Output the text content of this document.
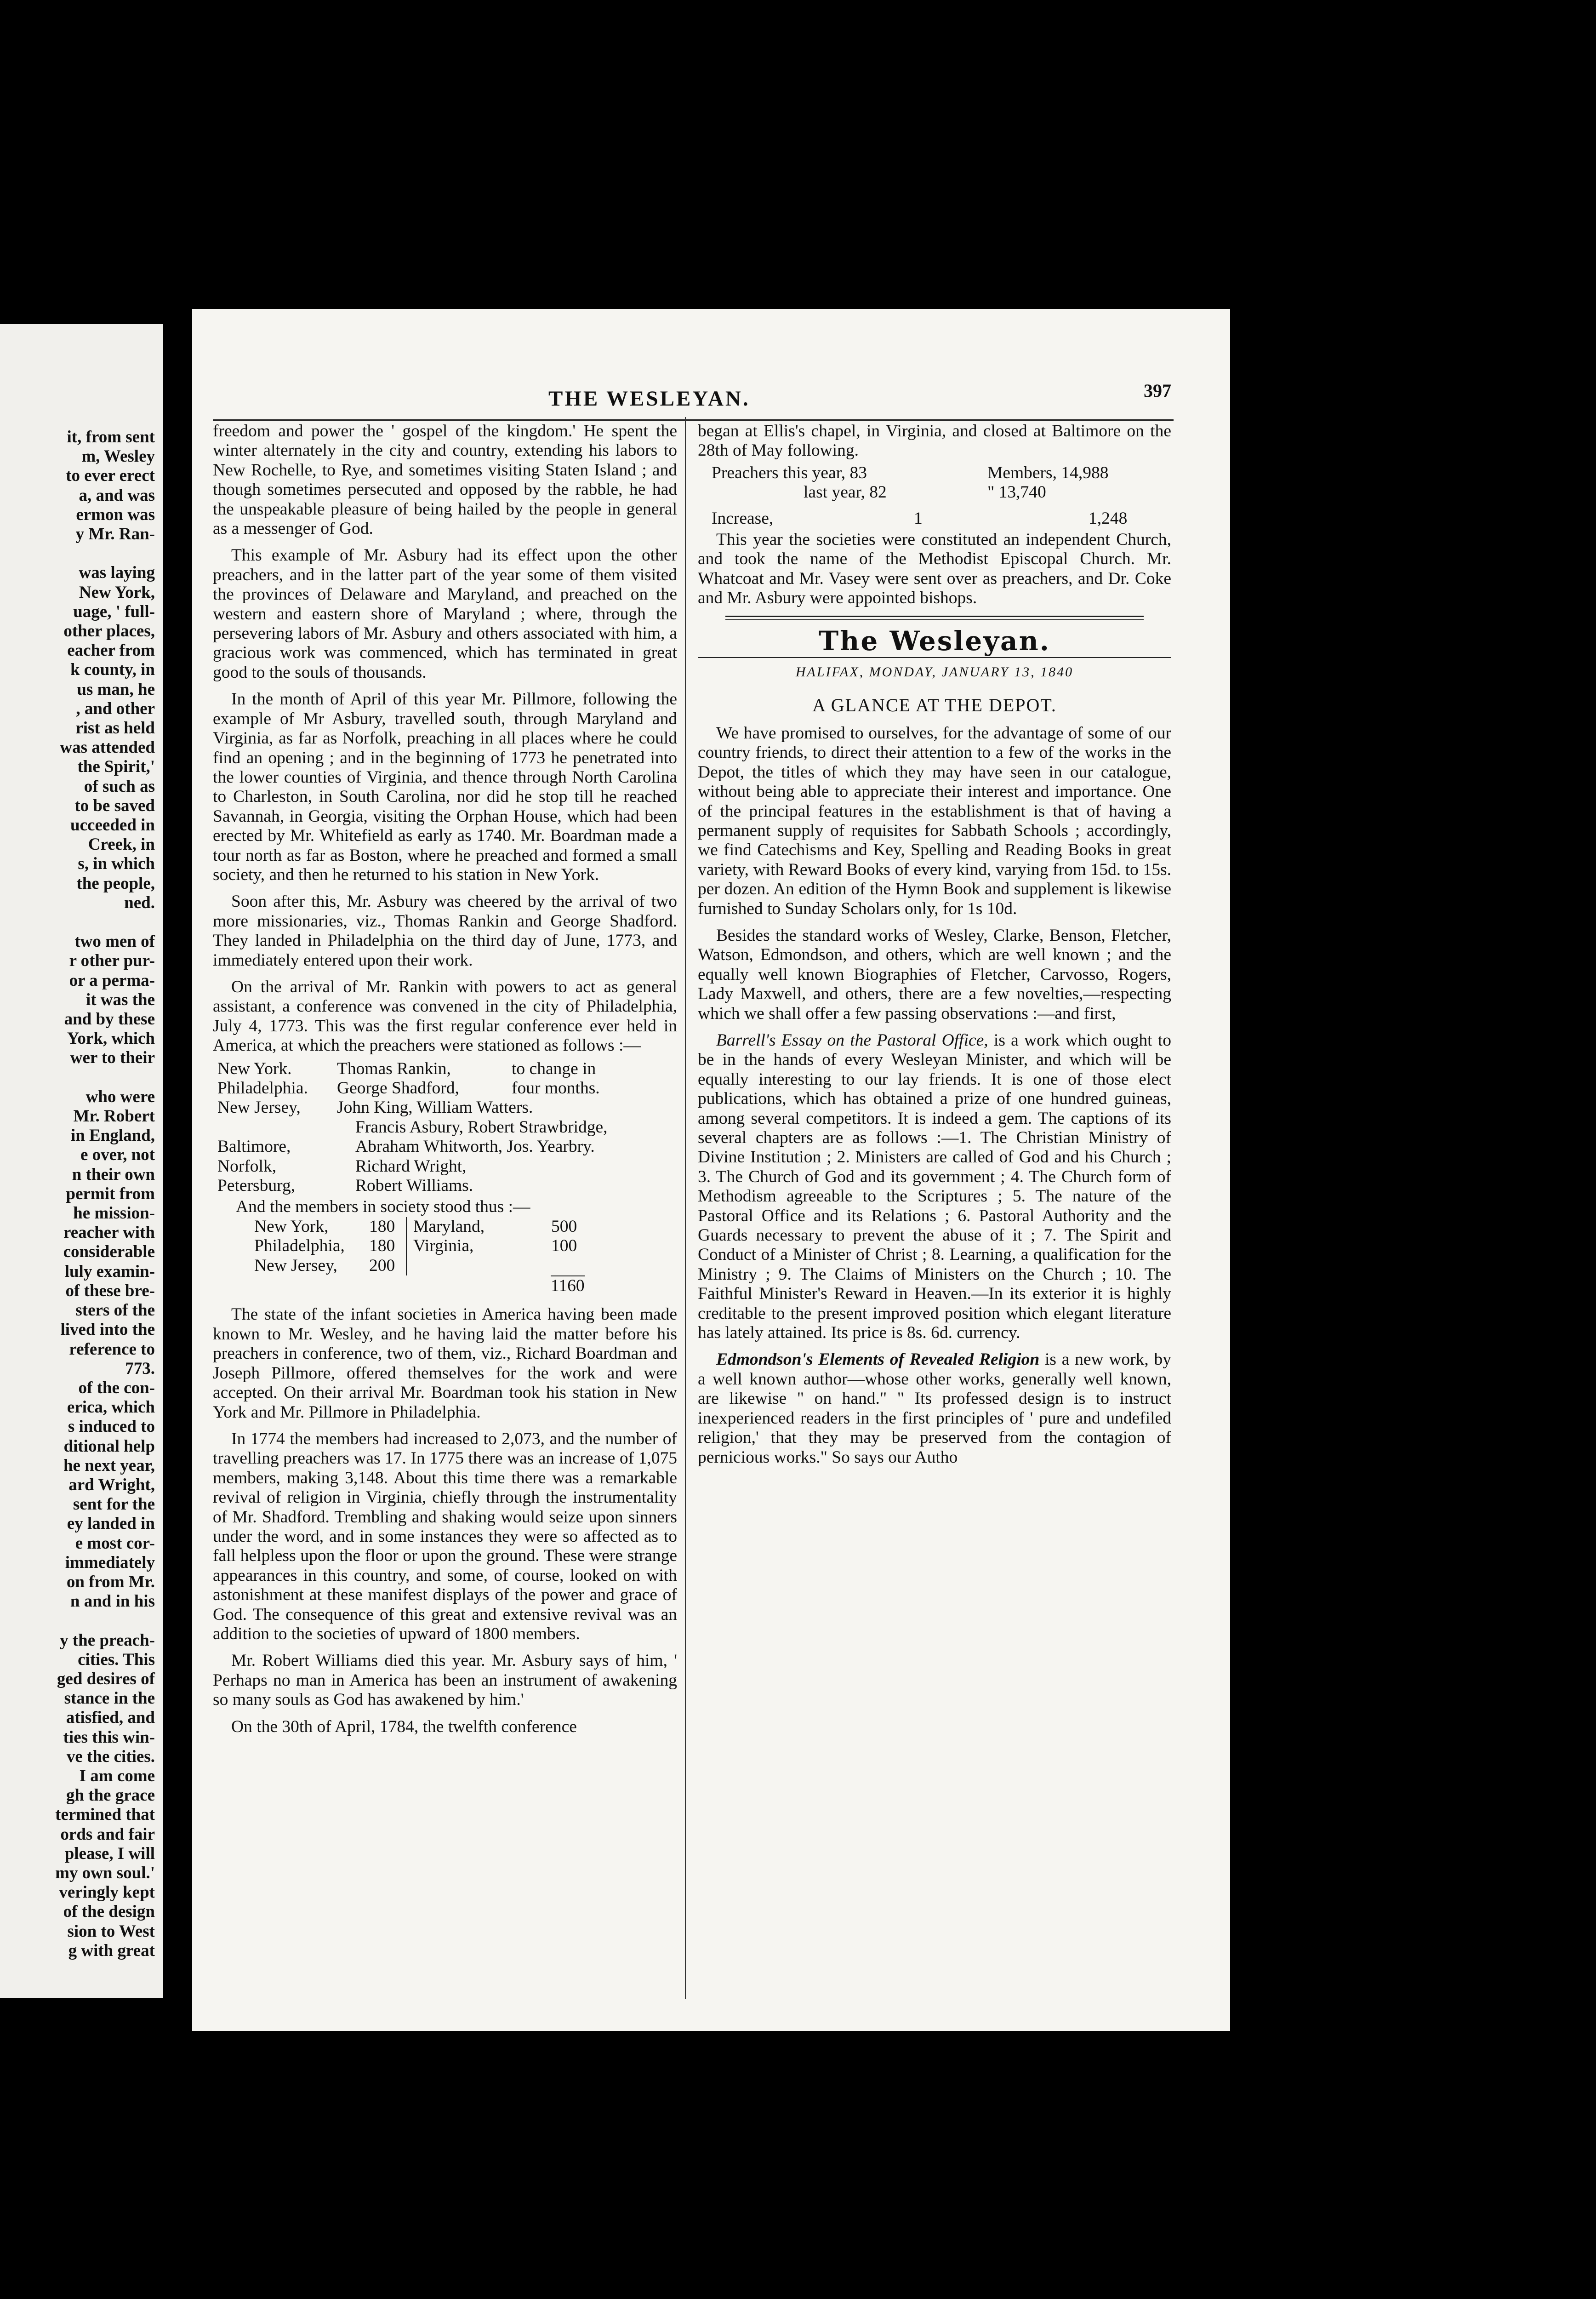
it, from sent
m, Wesley
to ever erect
a, and was
ermon was
y Mr. Ran-
was laying
New York,
uage, ' full-
other places,
eacher from
k county, in
us man, he
, and other
rist as held
was attended
the Spirit,'
of such as
to be saved
ucceeded in
Creek, in
s, in which
the people,
ned.
two men of
r other pur-
or a perma-
it was the
and by these
York, which
wer to their
who were
Mr. Robert
in England,
e over, not
n their own
permit from
he mission-
reacher with
considerable
luly examin-
of these bre-
sters of the
lived into the
reference to
773.
of the con-
erica, which
s induced to
ditional help
he next year,
ard Wright,
sent for the
ey landed in
e most cor-
immediately
on from Mr.
n and in his
y the preach-
cities. This
ged desires of
stance in the
atisfied, and
ties this win-
ve the cities.
I am come
gh the grace
termined that
ords and fair
please, I will
my own soul.'
veringly kept
of the design
sion to West
g with great
THE WESLEYAN.	397

freedom and power the ' gospel of the kingdom.' He spent the winter alternately in the city and country, extending his labors to New Rochelle, to Rye, and sometimes visiting Staten Island ; and though sometimes persecuted and opposed by the rabble, he had the unspeakable pleasure of being hailed by the people in general as a messenger of God.

This example of Mr. Asbury had its effect upon the other preachers, and in the latter part of the year some of them visited the provinces of Delaware and Maryland, and preached on the western and eastern shore of Maryland ; where, through the persevering labors of Mr. Asbury and others associated with him, a gracious work was commenced, which has terminated in great good to the souls of thousands.

In the month of April of this year Mr. Pillmore, following the example of Mr Asbury, travelled south, through Maryland and Virginia, as far as Norfolk, preaching in all places where he could find an opening ; and in the beginning of 1773 he penetrated into the lower counties of Virginia, and thence through North Carolina to Charleston, in South Carolina, nor did he stop till he reached Savannah, in Georgia, visiting the Orphan House, which had been erected by Mr. Whitefield as early as 1740. Mr. Boardman made a tour north as far as Boston, where he preached and formed a small society, and then he returned to his station in New York.

Soon after this, Mr. Asbury was cheered by the arrival of two more missionaries, viz., Thomas Rankin and George Shadford. They landed in Philadelphia on the third day of June, 1773, and immediately entered upon their work.

On the arrival of Mr. Rankin with powers to act as general assistant, a conference was convened in the city of Philadelphia, July 4, 1773. This was the first regular conference ever held in America, at which the preachers were stationed as follows :—

New York.	Thomas Rankin,	to change in
Philadelphia.	George Shadford,	four months.
New Jersey,	John King, William Watters.
Francis Asbury, Robert Strawbridge,
Baltimore,	Abraham Whitworth, Jos. Yearbry.
Norfolk,	Richard Wright,
Petersburg,	Robert Williams.

And the members in society stood thus :—

New York,	180	Maryland,	500
Philadelphia,	180	Virginia,	100
New Jersey,	200
1160

The state of the infant societies in America having been made known to Mr. Wesley, and he having laid the matter before his preachers in conference, two of them, viz., Richard Boardman and Joseph Pillmore, offered themselves for the work and were accepted. On their arrival Mr. Boardman took his station in New York and Mr. Pillmore in Philadelphia.

In 1774 the members had increased to 2,073, and the number of travelling preachers was 17. In 1775 there was an increase of 1,075 members, making 3,148. About this time there was a remarkable revival of religion in Virginia, chiefly through the instrumentality of Mr. Shadford. Trembling and shaking would seize upon sinners under the word, and in some instances they were so affected as to fall helpless upon the floor or upon the ground. These were strange appearances in this country, and some, of course, looked on with astonishment at these manifest displays of the power and grace of God. The consequence of this great and extensive revival was an addition to the societies of upward of 1800 members.

Mr. Robert Williams died this year. Mr. Asbury says of him, ' Perhaps no man in America has been an instrument of awakening so many souls as God has awakened by him.'

On the 30th of April, 1784, the twelfth conference

began at Ellis's chapel, in Virginia, and closed at Baltimore on the 28th of May following.

Preachers this year, 83	Members, 14,988
last year, 82	" 13,740
Increase,	1	1,248

This year the societies were constituted an independent Church, and took the name of the Methodist Episcopal Church. Mr. Whatcoat and Mr. Vasey were sent over as preachers, and Dr. Coke and Mr. Asbury were appointed bishops.

The Wesleyan.
HALIFAX, MONDAY, JANUARY 13, 1840
A GLANCE AT THE DEPOT.

We have promised to ourselves, for the advantage of some of our country friends, to direct their attention to a few of the works in the Depot, the titles of which they may have seen in our catalogue, without being able to appreciate their interest and importance. One of the principal features in the establishment is that of having a permanent supply of requisites for Sabbath Schools ; accordingly, we find Catechisms and Key, Spelling and Reading Books in great variety, with Reward Books of every kind, varying from 15d. to 15s. per dozen. An edition of the Hymn Book and supplement is likewise furnished to Sunday Scholars only, for 1s 10d.

Besides the standard works of Wesley, Clarke, Benson, Fletcher, Watson, Edmondson, and others, which are well known ; and the equally well known Biographies of Fletcher, Carvosso, Rogers, Lady Maxwell, and others, there are a few novelties,—respecting which we shall offer a few passing observations :—and first,

Barrell's Essay on the Pastoral Office, is a work which ought to be in the hands of every Wesleyan Minister, and which will be equally interesting to our lay friends. It is one of those elect publications, which has obtained a prize of one hundred guineas, among several competitors. It is indeed a gem. The captions of its several chapters are as follows :—1. The Christian Ministry of Divine Institution ; 2. Ministers are called of God and his Church ; 3. The Church of God and its government ; 4. The Church form of Methodism agreeable to the Scriptures ; 5. The nature of the Pastoral Office and its Relations ; 6. Pastoral Authority and the Guards necessary to prevent the abuse of it ; 7. The Spirit and Conduct of a Minister of Christ ; 8. Learning, a qualification for the Ministry ; 9. The Claims of Ministers on the Church ; 10. The Faithful Minister's Reward in Heaven.—In its exterior it is highly creditable to the present improved position which elegant literature has lately attained. Its price is 8s. 6d. currency.

Edmondson's Elements of Revealed Religion is a new work, by a well known author—whose other works, generally well known, are likewise " on hand." " Its professed design is to instruct inexperienced readers in the first principles of ' pure and undefiled religion,' that they may be preserved from the contagion of pernicious works." So says our Autho
